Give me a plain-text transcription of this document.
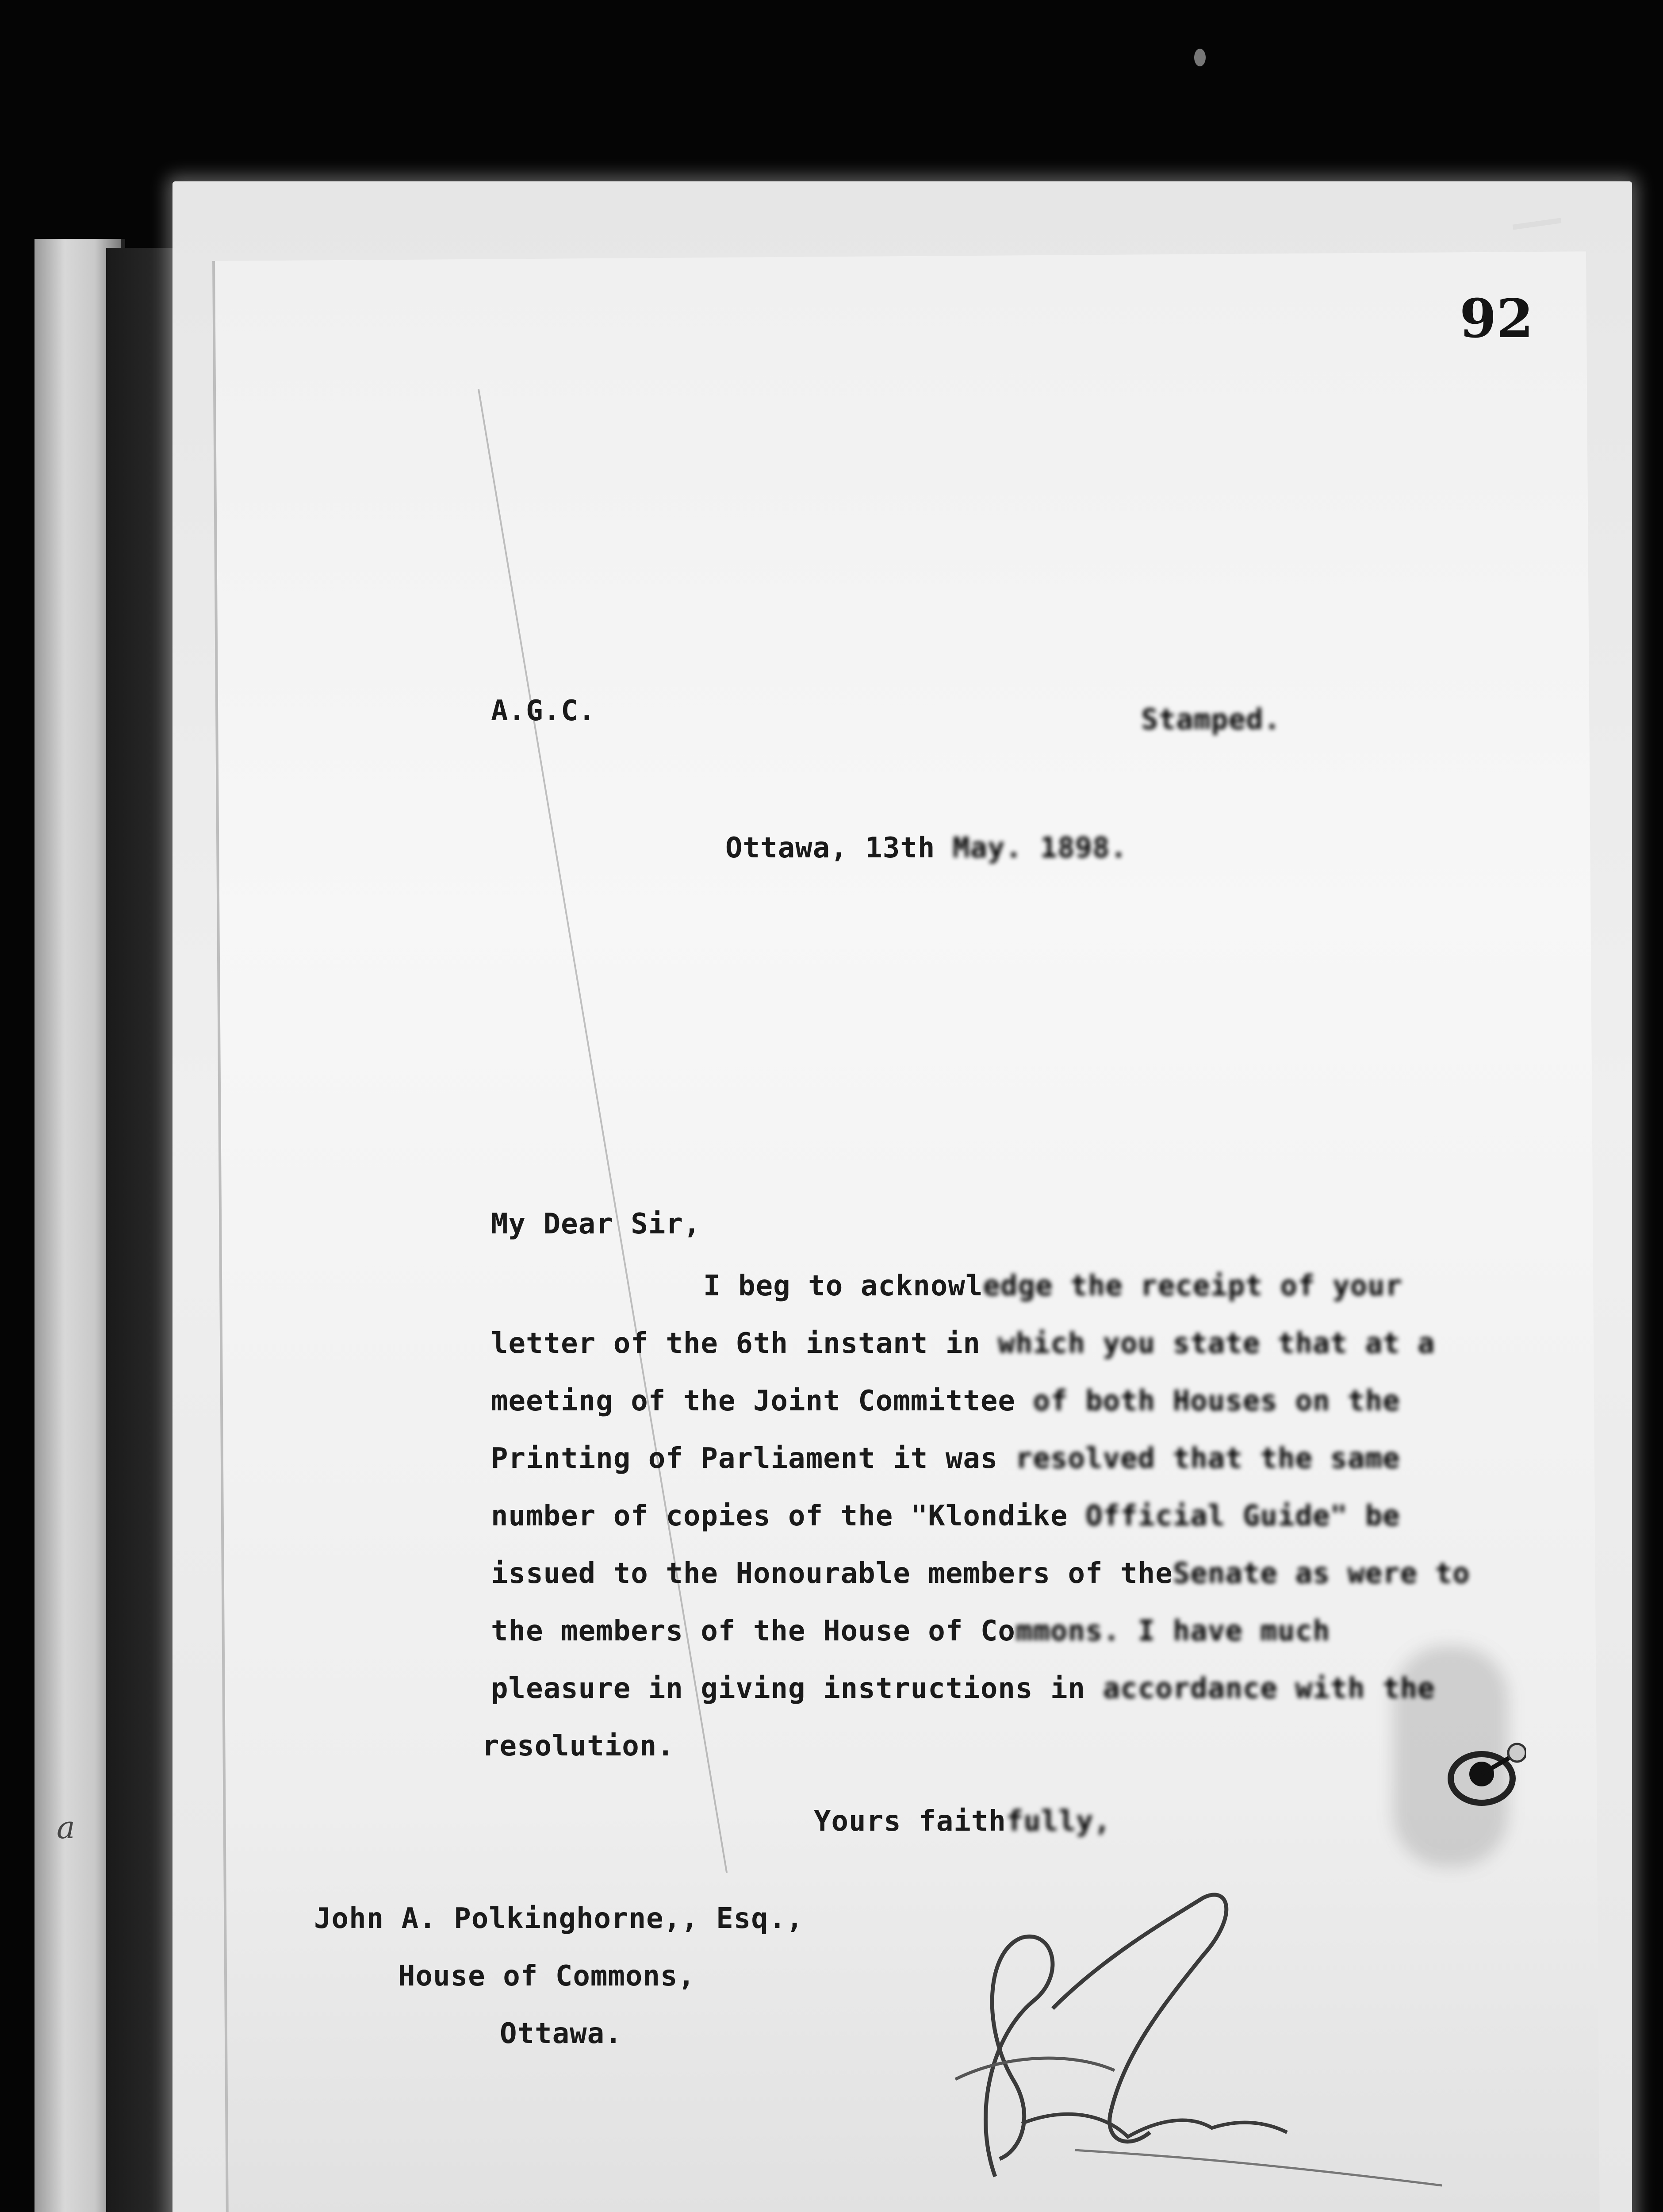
a
92
A.G.C.	Stamped.
Ottawa, 13th May. 1898.
My Dear Sir,
I beg to acknowledge the receipt of your
letter of the 6th instant in which you state that at a
meeting of the Joint Committee of both Houses on the
Printing of Parliament it was resolved that the same
number of copies of the "Klondike Official Guide" be
issued to the Honourable members of theSenate as were to
the members of the House of Commons. I have much
pleasure in giving instructions in accordance with the
resolution.
Yours faithfully,
John A. Polkinghorne,, Esq.,
House of Commons,
Ottawa.
